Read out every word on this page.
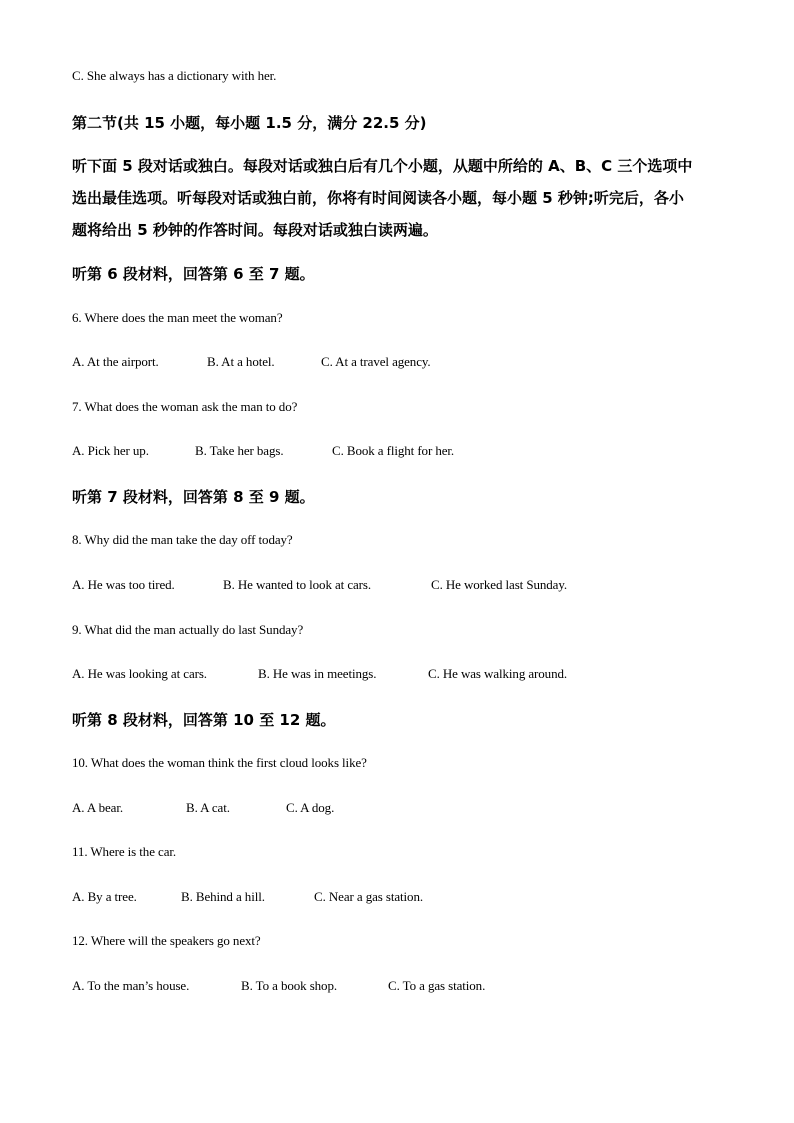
C. She always has a dictionary with her.
第二节(共 15 小题，每小题 1.5 分，满分 22.5 分)
听下面 5 段对话或独白。每段对话或独白后有几个小题，从题中所给的 A、B、C 三个选项中
选出最佳选项。听每段对话或独白前，你将有时间阅读各小题，每小题 5 秒钟;听完后，各小
题将给出 5 秒钟的作答时间。每段对话或独白读两遍。
听第 6 段材料，回答第 6 至 7 题。
6. Where does the man meet the woman?
A. At the airport.	B. At a hotel.	C. At a travel agency.
7. What does the woman ask the man to do?
A. Pick her up.	B. Take her bags.	C. Book a flight for her.
听第 7 段材料，回答第 8 至 9 题。
8. Why did the man take the day off today?
A. He was too tired.	B. He wanted to look at cars.	C. He worked last Sunday.
9. What did the man actually do last Sunday?
A. He was looking at cars.	B. He was in meetings.	C. He was walking around.
听第 8 段材料，回答第 10 至 12 题。
10. What does the woman think the first cloud looks like?
A. A bear.	B. A cat.	C. A dog.
11. Where is the car.
A. By a tree.	B. Behind a hill.	C. Near a gas station.
12. Where will the speakers go next?
A. To the man’s house.	B. To a book shop.	C. To a gas station.
